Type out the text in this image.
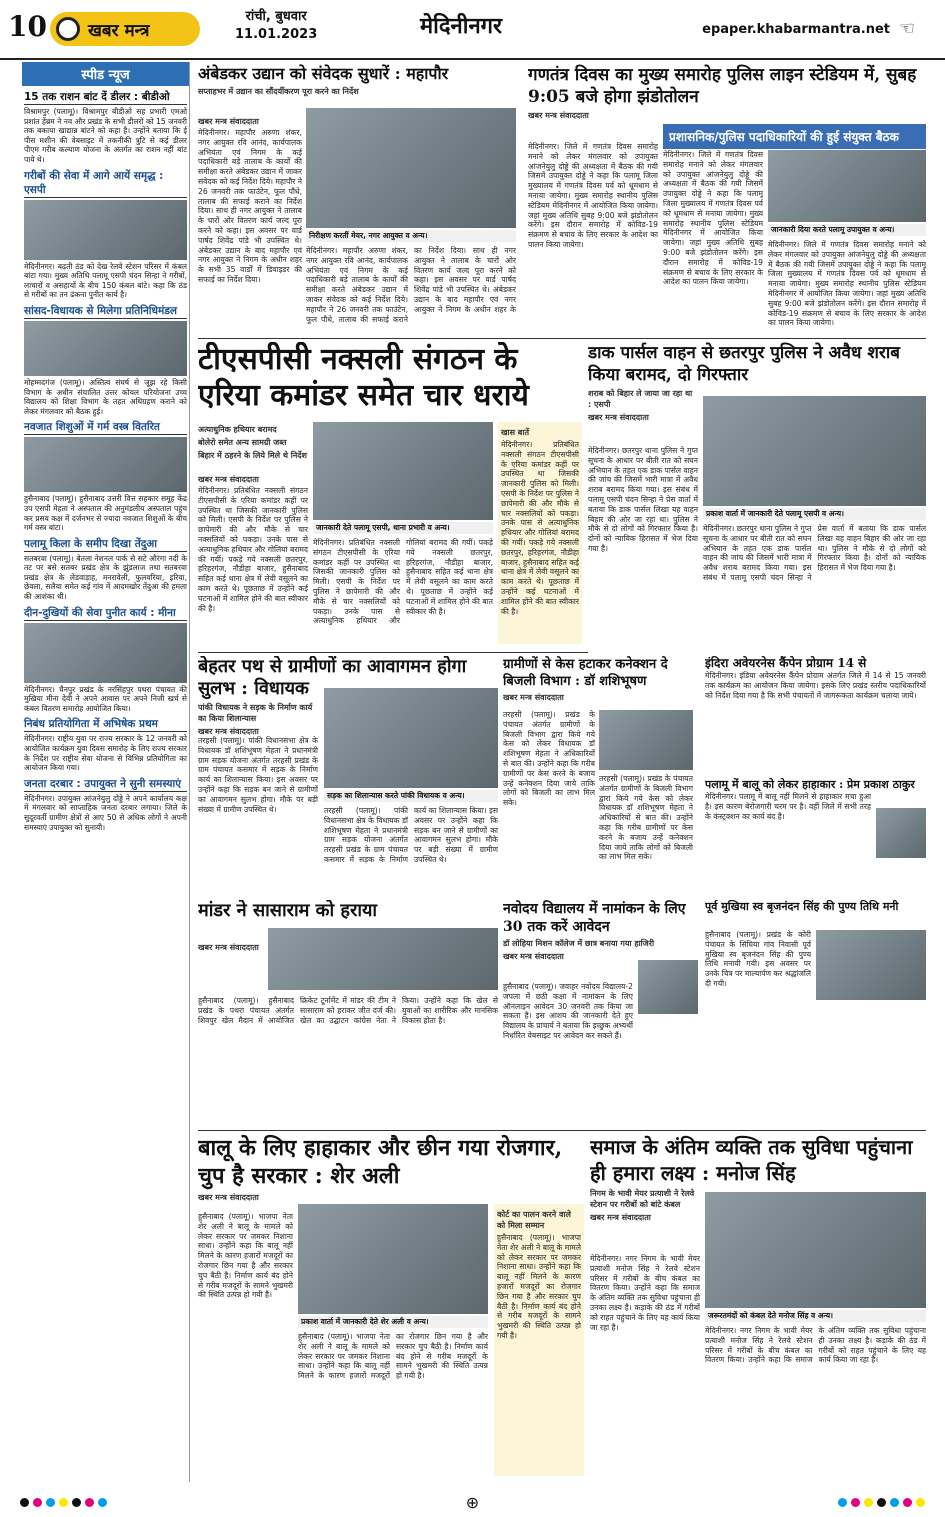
10 खबर मन्त्र
रांची, बुधवार
11.01.2023	मेदिनीनगर	epaper.khabarmantra.net ☜
स्पीड न्यूज
15 तक राशन बांट दें डीलर : बीडीओ
विश्रामपुर (पलामू)। विश्रामपुर बीडीओ सह प्रभारी एमओ प्रशांत हेंब्रम ने नव और प्रखंड के सभी डीलरों को 15 जनवरी तक बकाया खाद्यान्न बांटने को कहा है। उन्होंने बताया कि ई पीस मशीन की वेबसाइट में तकनीकी त्रुटि से कई डीलर पीएम गरीब कल्याण योजना के अंतर्गत का राशन नहीं बांट पाये थे।
गरीबों की सेवा में आगे आयें समृद्ध : एसपी
मेदिनीनगर। बढ़ती ठंड को देख रेलवे स्टेशन परिसर में कंबल बांटा गया। मुख्य अतिथि पलामू एसपी चंदन सिन्हा ने गरीबों, लाचारों व असहायों के बीच 150 कंबल बांटे। कहा कि ठंड से गरीबों का तन ढंकना पुनीत कार्य है।
सांसद-विधायक से मिलेगा प्रतिनिधिमंडल
मोहम्मदगंज (पलामू)। अस्तित्व संघर्ष से जूझ रहे किसी विभाग के अधीन संचालित उत्तर कोयल परियोजना उच्च विद्यालय को शिक्षा विभाग के तहत अधिग्रहण कराने को लेकर मंगलवार को बैठक हुई।
नवजात शिशुओं में गर्म वस्त्र वितरित
हुसैनाबाद (पलामू)। हुसैनाबाद उत्तरी वित्त सहकार समूह केंद्र उप एसपी मेहता ने अस्पताल की अनुमंडलीय अस्पताल पहुंच कर प्रसव कक्ष में दर्जनभर से ज्यादा नवजात शिशुओं के बीच गर्म वस्त्र बांटा।
पलामू किला के समीप दिखा तेंदुआ
सतबरवा (पलामू)। बेतला नेशनल पार्क से सटे औरंगा नदी के तट पर बसे सतबर प्रखंड क्षेत्र के झुंडलाज तथा सतबरवा प्रखंड क्षेत्र के लेडवाड़ाह, मनरावेली, फुलवरिया, इरिया, छेवला, सलैया समेत कई गांव में आदमखोर तेंदुआ की हमला की आशंका थी।
दीन-दुखियों की सेवा पुनीत कार्य : मीना
मेदिनीनगर। चैनपुर प्रखंड के नरसिंहपुर पथरा पंचायत की मुखिया मीना देवी ने अपने आवास पर अपने निजी खर्च से कंबल वितरण समारोह आयोजित किया।
निबंध प्रतियोगिता में अभिषेक प्रथम
मेदिनीनगर। राष्ट्रीय युवा पर राज्य सरकार के 12 जनवरी को आयोजित कार्यक्रम युवा दिवस समारोह के लिए राज्य सरकार के निर्देश पर राष्ट्रीय सेवा योजना से विभिन्न प्रतियोगिता का आयोजन किया गया।
जनता दरबार : उपायुक्त ने सुनी समस्याएं
मेदिनीनगर। उपायुक्त आंजनेयुलु दोड्डे ने अपने कार्यालय कक्ष में मंगलवार को साप्ताहिक जनता दरबार लगाया। जिले के सुदूरवर्ती ग्रामीण क्षेत्रों से आए 50 से अधिक लोगों ने अपनी समस्याएं उपायुक्त को सुनायी।
अंबेडकर उद्यान को संवेदक सुधारें : महापौर
सप्ताहभर में उद्यान का सौंदर्यीकरण पूरा करने का निर्देश
निरीक्षण करतीं मेयर, नगर आयुक्त व अन्य।
खबर मन्त्र संवाददाता
मेदिनीनगर। महापौर अरुणा शंकर, नगर आयुक्त रवि आनंद, कार्यपालक अभियंता एवं निगम के कई पदाधिकारी बड़े तालाब के कार्यों की समीक्षा करते अंबेडकर उद्यान में जाकर संवेदक को कई निर्देश दिये। महापौर ने 26 जनवरी तक फाउंटेन, फूल पौधे, तालाब की सफाई कराने का निर्देश दिया। साथ ही नगर आयुक्त ने तालाब के चारों ओर वितरण कार्य जल्द पूरा करने को कहा। इस अवसर पर वार्ड पार्षद शिवेंद्र पांडे भी उपस्थित थे। अंबेडकर उद्यान के बाद महापौर एवं नगर आयुक्त ने निगम के अधीन शहर के सभी 35 वार्डों में डिवाइडर की सफाई का निर्देश दिया।
मेदिनीनगर। महापौर अरुणा शंकर, नगर आयुक्त रवि आनंद, कार्यपालक अभियंता एवं निगम के कई पदाधिकारी बड़े तालाब के कार्यों की समीक्षा करते अंबेडकर उद्यान में जाकर संवेदक को कई निर्देश दिये। महापौर ने 26 जनवरी तक फाउंटेन, फूल पौधे, तालाब की सफाई कराने का निर्देश दिया। साथ ही नगर आयुक्त ने तालाब के चारों ओर वितरण कार्य जल्द पूरा करने को कहा। इस अवसर पर वार्ड पार्षद शिवेंद्र पांडे भी उपस्थित थे। अंबेडकर उद्यान के बाद महापौर एवं नगर आयुक्त ने निगम के अधीन शहर के
गणतंत्र दिवस का मुख्य समारोह पुलिस लाइन स्टेडियम में, सुबह 9:05 बजे होगा झंडोतोलन
खबर मन्त्र संवाददाता
प्रशासनिक/पुलिस पदाधिकारियों की हुई संयुक्त बैठक
मेदिनीनगर। जिले में गणतंत्र दिवस समारोह मनाने को लेकर मंगलवार को उपायुक्त आंजनेयुलु दोड्डे की अध्यक्षता में बैठक की गयी जिसमें उपायुक्त दोड्डे ने कहा कि पलामू जिला मुख्यालय में गणतंत्र दिवस पर्व को धूमधाम से मनाया जायेगा। मुख्य समारोह स्थानीय पुलिस स्टेडियम मेदिनीनगर में आयोजित किया जायेगा। जहां मुख्य अतिथि सुबह 9:00 बजे झंडोतोलन करेंगे। इस दौरान समारोह में कोविड-19 संक्रमण से बचाव के लिए सरकार के आदेश का पालन किया जायेगा।
मेदिनीनगर। जिले में गणतंत्र दिवस समारोह मनाने को लेकर मंगलवार को उपायुक्त आंजनेयुलु दोड्डे की अध्यक्षता में बैठक की गयी जिसमें उपायुक्त दोड्डे ने कहा कि पलामू जिला मुख्यालय में गणतंत्र दिवस पर्व को धूमधाम से मनाया जायेगा। मुख्य समारोह स्थानीय पुलिस स्टेडियम मेदिनीनगर में आयोजित किया जायेगा। जहां मुख्य अतिथि सुबह 9:00 बजे झंडोतोलन करेंगे। इस दौरान समारोह में कोविड-19 संक्रमण से बचाव के लिए सरकार के आदेश का पालन किया जायेगा।
जानकारी दिया करते पलामू उपायुक्त व अन्य।
मेदिनीनगर। जिले में गणतंत्र दिवस समारोह मनाने को लेकर मंगलवार को उपायुक्त आंजनेयुलु दोड्डे की अध्यक्षता में बैठक की गयी जिसमें उपायुक्त दोड्डे ने कहा कि पलामू जिला मुख्यालय में गणतंत्र दिवस पर्व को धूमधाम से मनाया जायेगा। मुख्य समारोह स्थानीय पुलिस स्टेडियम मेदिनीनगर में आयोजित किया जायेगा। जहां मुख्य अतिथि सुबह 9:00 बजे झंडोतोलन करेंगे। इस दौरान समारोह में कोविड-19 संक्रमण से बचाव के लिए सरकार के आदेश का पालन किया जायेगा।
टीएसपीसी नक्सली संगठन के एरिया कमांडर समेत चार धराये
अत्याधुनिक हथियार बरामद
बोलेरो समेत अन्य सामग्री जब्त
बिहार में ठहरने के लिये मिले थे निर्देश
खबर मन्त्र संवाददाता
मेदिनीनगर। प्रतिबंधित नक्सली संगठन टीएसपीसी के एरिया कमांडर कहीं पर उपस्थित था जिसकी जानकारी पुलिस को मिली। एसपी के निर्देश पर पुलिस ने छापेमारी की और मौके से चार नक्सलियों को पकड़ा। उनके पास से अत्याधुनिक हथियार और गोलियां बरामद की गयीं। पकड़े गये नक्सली छतरपुर, हरिहरगंज, नौडीहा बाजार, हुसैनाबाद सहित कई थाना क्षेत्र में लेवी वसूलने का काम करते थे। पूछताछ में उन्होंने कई घटनाओं में शामिल होने की बात स्वीकार की है।
जानकारी देते पलामू एसपी, थाना प्रभारी व अन्य।
मेदिनीनगर। प्रतिबंधित नक्सली संगठन टीएसपीसी के एरिया कमांडर कहीं पर उपस्थित था जिसकी जानकारी पुलिस को मिली। एसपी के निर्देश पर पुलिस ने छापेमारी की और मौके से चार नक्सलियों को पकड़ा। उनके पास से अत्याधुनिक हथियार और गोलियां बरामद की गयीं। पकड़े गये नक्सली छतरपुर, हरिहरगंज, नौडीहा बाजार, हुसैनाबाद सहित कई थाना क्षेत्र में लेवी वसूलने का काम करते थे। पूछताछ में उन्होंने कई घटनाओं में शामिल होने की बात स्वीकार की है।
खास बातें
मेदिनीनगर। प्रतिबंधित नक्सली संगठन टीएसपीसी के एरिया कमांडर कहीं पर उपस्थित था जिसकी जानकारी पुलिस को मिली। एसपी के निर्देश पर पुलिस ने छापेमारी की और मौके से चार नक्सलियों को पकड़ा। उनके पास से अत्याधुनिक हथियार और गोलियां बरामद की गयीं। पकड़े गये नक्सली छतरपुर, हरिहरगंज, नौडीहा बाजार, हुसैनाबाद सहित कई थाना क्षेत्र में लेवी वसूलने का काम करते थे। पूछताछ में उन्होंने कई घटनाओं में शामिल होने की बात स्वीकार की है।
डाक पार्सल वाहन से छतरपुर पुलिस ने अवैध शराब किया बरामद, दो गिरफ्तार
शराब को बिहार ले जाया जा रहा था : एसपी
खबर मन्त्र संवाददाता
प्रकाश वार्ता में जानकारी देते पलामू एसपी व अन्य।
मेदिनीनगर। छतरपुर थाना पुलिस ने गुप्त सूचना के आधार पर बीती रात को सघन अभियान के तहत एक डाक पार्सल वाहन की जांच की जिसमें भारी मात्रा में अवैध शराब बरामद किया गया। इस संबंध में पलामू एसपी चंदन सिन्हा ने प्रेस वार्ता में बताया कि डाक पार्सल लिखा यह वाहन बिहार की ओर जा रहा था। पुलिस ने मौके से दो लोगों को गिरफ्तार किया है। दोनों को न्यायिक हिरासत में भेज दिया गया है।
मेदिनीनगर। छतरपुर थाना पुलिस ने गुप्त सूचना के आधार पर बीती रात को सघन अभियान के तहत एक डाक पार्सल वाहन की जांच की जिसमें भारी मात्रा में अवैध शराब बरामद किया गया। इस संबंध में पलामू एसपी चंदन सिन्हा ने प्रेस वार्ता में बताया कि डाक पार्सल लिखा यह वाहन बिहार की ओर जा रहा था। पुलिस ने मौके से दो लोगों को गिरफ्तार किया है। दोनों को न्यायिक हिरासत में भेज दिया गया है।
बेहतर पथ से ग्रामीणों का आवागमन होगा सुलभ : विधायक
पांकी विधायक ने सड़क के निर्माण कार्य का किया शिलान्यास
खबर मन्त्र संवाददाता
तरहसी (पलामू)। पांकी विधानसभा क्षेत्र के विधायक डॉ शशिभूषण मेहता ने प्रधानमंत्री ग्राम सड़क योजना अंतर्गत तरहसी प्रखंड के ग्राम पंचायत कसमार में सड़क के निर्माण कार्य का शिलान्यास किया। इस अवसर पर उन्होंने कहा कि सड़क बन जाने से ग्रामीणों का आवागमन सुलभ होगा। मौके पर बड़ी संख्या में ग्रामीण उपस्थित थे।
सड़क का शिलान्यास करते पांकी विधायक व अन्य।
तरहसी (पलामू)। पांकी विधानसभा क्षेत्र के विधायक डॉ शशिभूषण मेहता ने प्रधानमंत्री ग्राम सड़क योजना अंतर्गत तरहसी प्रखंड के ग्राम पंचायत कसमार में सड़क के निर्माण कार्य का शिलान्यास किया। इस अवसर पर उन्होंने कहा कि सड़क बन जाने से ग्रामीणों का आवागमन सुलभ होगा। मौके पर बड़ी संख्या में ग्रामीण उपस्थित थे।
ग्रामीणों से केस हटाकर कनेक्शन दे बिजली विभाग : डॉ शशिभूषण
खबर मन्त्र संवाददाता
तरहसी (पलामू)। प्रखंड के पंचायत अंतर्गत ग्रामीणों के बिजली विभाग द्वारा किये गये केस को लेकर विधायक डॉ शशिभूषण मेहता ने अधिकारियों से बात की। उन्होंने कहा कि गरीब ग्रामीणों पर केस करने के बजाय उन्हें कनेक्शन दिया जाये ताकि लोगों को बिजली का लाभ मिल सके।
तरहसी (पलामू)। प्रखंड के पंचायत अंतर्गत ग्रामीणों के बिजली विभाग द्वारा किये गये केस को लेकर विधायक डॉ शशिभूषण मेहता ने अधिकारियों से बात की। उन्होंने कहा कि गरीब ग्रामीणों पर केस करने के बजाय उन्हें कनेक्शन दिया जाये ताकि लोगों को बिजली का लाभ मिल सके।
इंदिरा अवेयरनेस कैंपेन प्रोग्राम 14 से
मेदिनीनगर। इंडिया अवेयरनेस कैंपेन प्रोग्राम अंतर्गत जिले में 14 से 15 जनवरी तक कार्यक्रम का आयोजन किया जायेगा। इसके लिए प्रखंड स्तरीय पदाधिकारियों को निर्देश दिया गया है कि सभी पंचायतों में जागरूकता कार्यक्रम चलाया जाये।
पलामू में बालू को लेकर हाहाकार : प्रेम प्रकाश ठाकुर
मेदिनीनगर। पलामू में बालू नहीं मिलने से हाहाकार मचा हुआ है। इस कारण बेरोजगारी चरम पर है। वहीं जिले में सभी तरह के कंस्ट्रक्शन का कार्य बंद है।
मांडर ने सासाराम को हराया
खबर मन्त्र संवाददाता
हुसैनाबाद (पलामू)। हुसैनाबाद प्रखंड के पथरा पंचायत अंतर्गत शिवपुर खेल मैदान में आयोजित क्रिकेट टूर्नामेंट में मांडर की टीम ने सासाराम को हराकर जीत दर्ज की। खेल का उद्घाटन कांग्रेस नेता ने किया। उन्होंने कहा कि खेल से युवाओं का शारीरिक और मानसिक विकास होता है।
नवोदय विद्यालय में नामांकन के लिए 30 तक करें आवेदन
डॉ लोहिया मिशन कॉलेज में छात्र बनाया गया हाजिरी
खबर मन्त्र संवाददाता
हुसैनाबाद (पलामू)। जवाहर नवोदय विद्यालय-2 जपला में छठी कक्षा में नामांकन के लिए ऑनलाइन आवेदन 30 जनवरी तक किया जा सकता है। इस आशय की जानकारी देते हुए विद्यालय के प्राचार्य ने बताया कि इच्छुक अभ्यर्थी निर्धारित वेबसाइट पर आवेदन कर सकते हैं।
पूर्व मुखिया स्व बृजनंदन सिंह की पुण्य तिथि मनी
हुसैनाबाद (पलामू)। प्रखंड के कोरी पंचायत के सिंघिया गांव निवासी पूर्व मुखिया स्व बृजनंदन सिंह की पुण्य तिथि मनायी गयी। इस अवसर पर उनके चित्र पर माल्यार्पण कर श्रद्धांजलि दी गयी।
बालू के लिए हाहाकार और छीन गया रोजगार, चुप है सरकार : शेर अली
खबर मन्त्र संवाददाता
हुसैनाबाद (पलामू)। भाजपा नेता शेर अली ने बालू के मामले को लेकर सरकार पर जमकर निशाना साधा। उन्होंने कहा कि बालू नहीं मिलने के कारण हजारों मजदूरों का रोजगार छिन गया है और सरकार चुप बैठी है। निर्माण कार्य बंद होने से गरीब मजदूरों के सामने भुखमरी की स्थिति उत्पन्न हो गयी है।
प्रकाश वार्ता में जानकारी देते शेर अली व अन्य।
हुसैनाबाद (पलामू)। भाजपा नेता शेर अली ने बालू के मामले को लेकर सरकार पर जमकर निशाना साधा। उन्होंने कहा कि बालू नहीं मिलने के कारण हजारों मजदूरों का रोजगार छिन गया है और सरकार चुप बैठी है। निर्माण कार्य बंद होने से गरीब मजदूरों के सामने भुखमरी की स्थिति उत्पन्न हो गयी है।
कोर्ट का पालन करने वाले को मिला सम्मान
हुसैनाबाद (पलामू)। भाजपा नेता शेर अली ने बालू के मामले को लेकर सरकार पर जमकर निशाना साधा। उन्होंने कहा कि बालू नहीं मिलने के कारण हजारों मजदूरों का रोजगार छिन गया है और सरकार चुप बैठी है। निर्माण कार्य बंद होने से गरीब मजदूरों के सामने भुखमरी की स्थिति उत्पन्न हो गयी है।
समाज के अंतिम व्यक्ति तक सुविधा पहुंचाना ही हमारा लक्ष्य : मनोज सिंह
निगम के भावी मेयर प्रत्याशी ने रेलवे स्टेशन पर गरीबों को बांटे कंबल
खबर मन्त्र संवाददाता
जरूरतमंदों को कंबल देते मनोज सिंह व अन्य।
मेदिनीनगर। नगर निगम के भावी मेयर प्रत्याशी मनोज सिंह ने रेलवे स्टेशन परिसर में गरीबों के बीच कंबल का वितरण किया। उन्होंने कहा कि समाज के अंतिम व्यक्ति तक सुविधा पहुंचाना ही उनका लक्ष्य है। कड़ाके की ठंड में गरीबों को राहत पहुंचाने के लिए यह कार्य किया जा रहा है।	मेदिनीनगर। नगर निगम के भावी मेयर प्रत्याशी मनोज सिंह ने रेलवे स्टेशन परिसर में गरीबों के बीच कंबल का वितरण किया। उन्होंने कहा कि समाज के अंतिम व्यक्ति तक सुविधा पहुंचाना ही उनका लक्ष्य है। कड़ाके की ठंड में गरीबों को राहत पहुंचाने के लिए यह कार्य किया जा रहा है।
⊕
